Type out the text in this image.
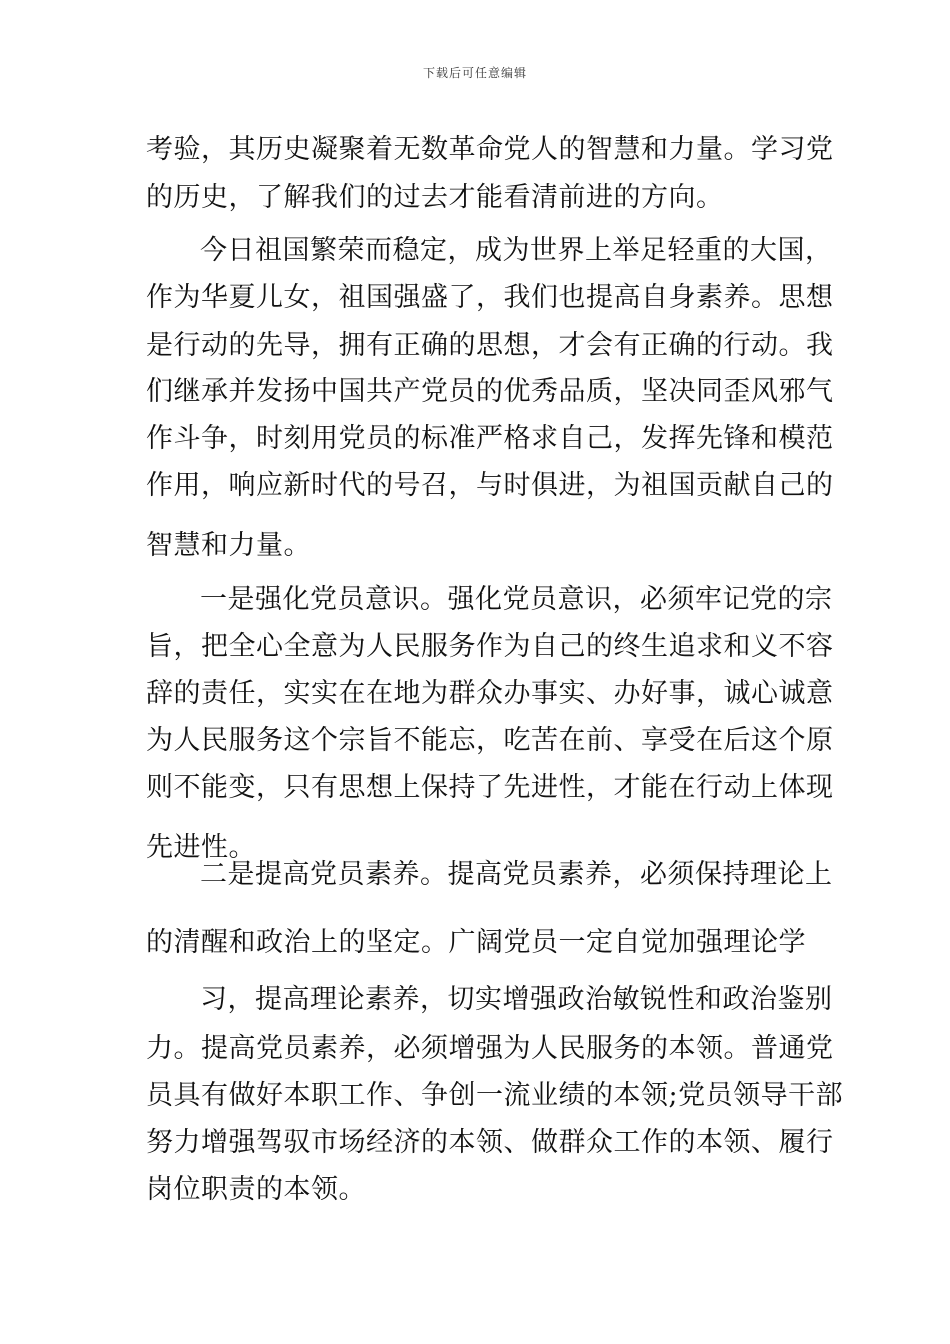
下载后可任意编辑
考验，其历史凝聚着无数革命党人的智慧和力量。学习党
的历史，了解我们的过去才能看清前进的方向。
今日祖国繁荣而稳定，成为世界上举足轻重的大国，
作为华夏儿女，祖国强盛了，我们也提高自身素养。思想
是行动的先导，拥有正确的思想，才会有正确的行动。我
们继承并发扬中国共产党员的优秀品质，坚决同歪风邪气
作斗争，时刻用党员的标准严格求自己，发挥先锋和模范
作用，响应新时代的号召，与时俱进，为祖国贡献自己的
智慧和力量。
一是强化党员意识。强化党员意识，必须牢记党的宗
旨，把全心全意为人民服务作为自己的终生追求和义不容
辞的责任，实实在在地为群众办事实、办好事，诚心诚意
为人民服务这个宗旨不能忘，吃苦在前、享受在后这个原
则不能变，只有思想上保持了先进性，才能在行动上体现
先进性。
二是提高党员素养。提高党员素养，必须保持理论上
的清醒和政治上的坚定。广阔党员一定自觉加强理论学
习，提高理论素养，切实增强政治敏锐性和政治鉴别
力。提高党员素养，必须增强为人民服务的本领。普通党
员具有做好本职工作、争创一流业绩的本领;党员领导干部
努力增强驾驭市场经济的本领、做群众工作的本领、履行
岗位职责的本领。
